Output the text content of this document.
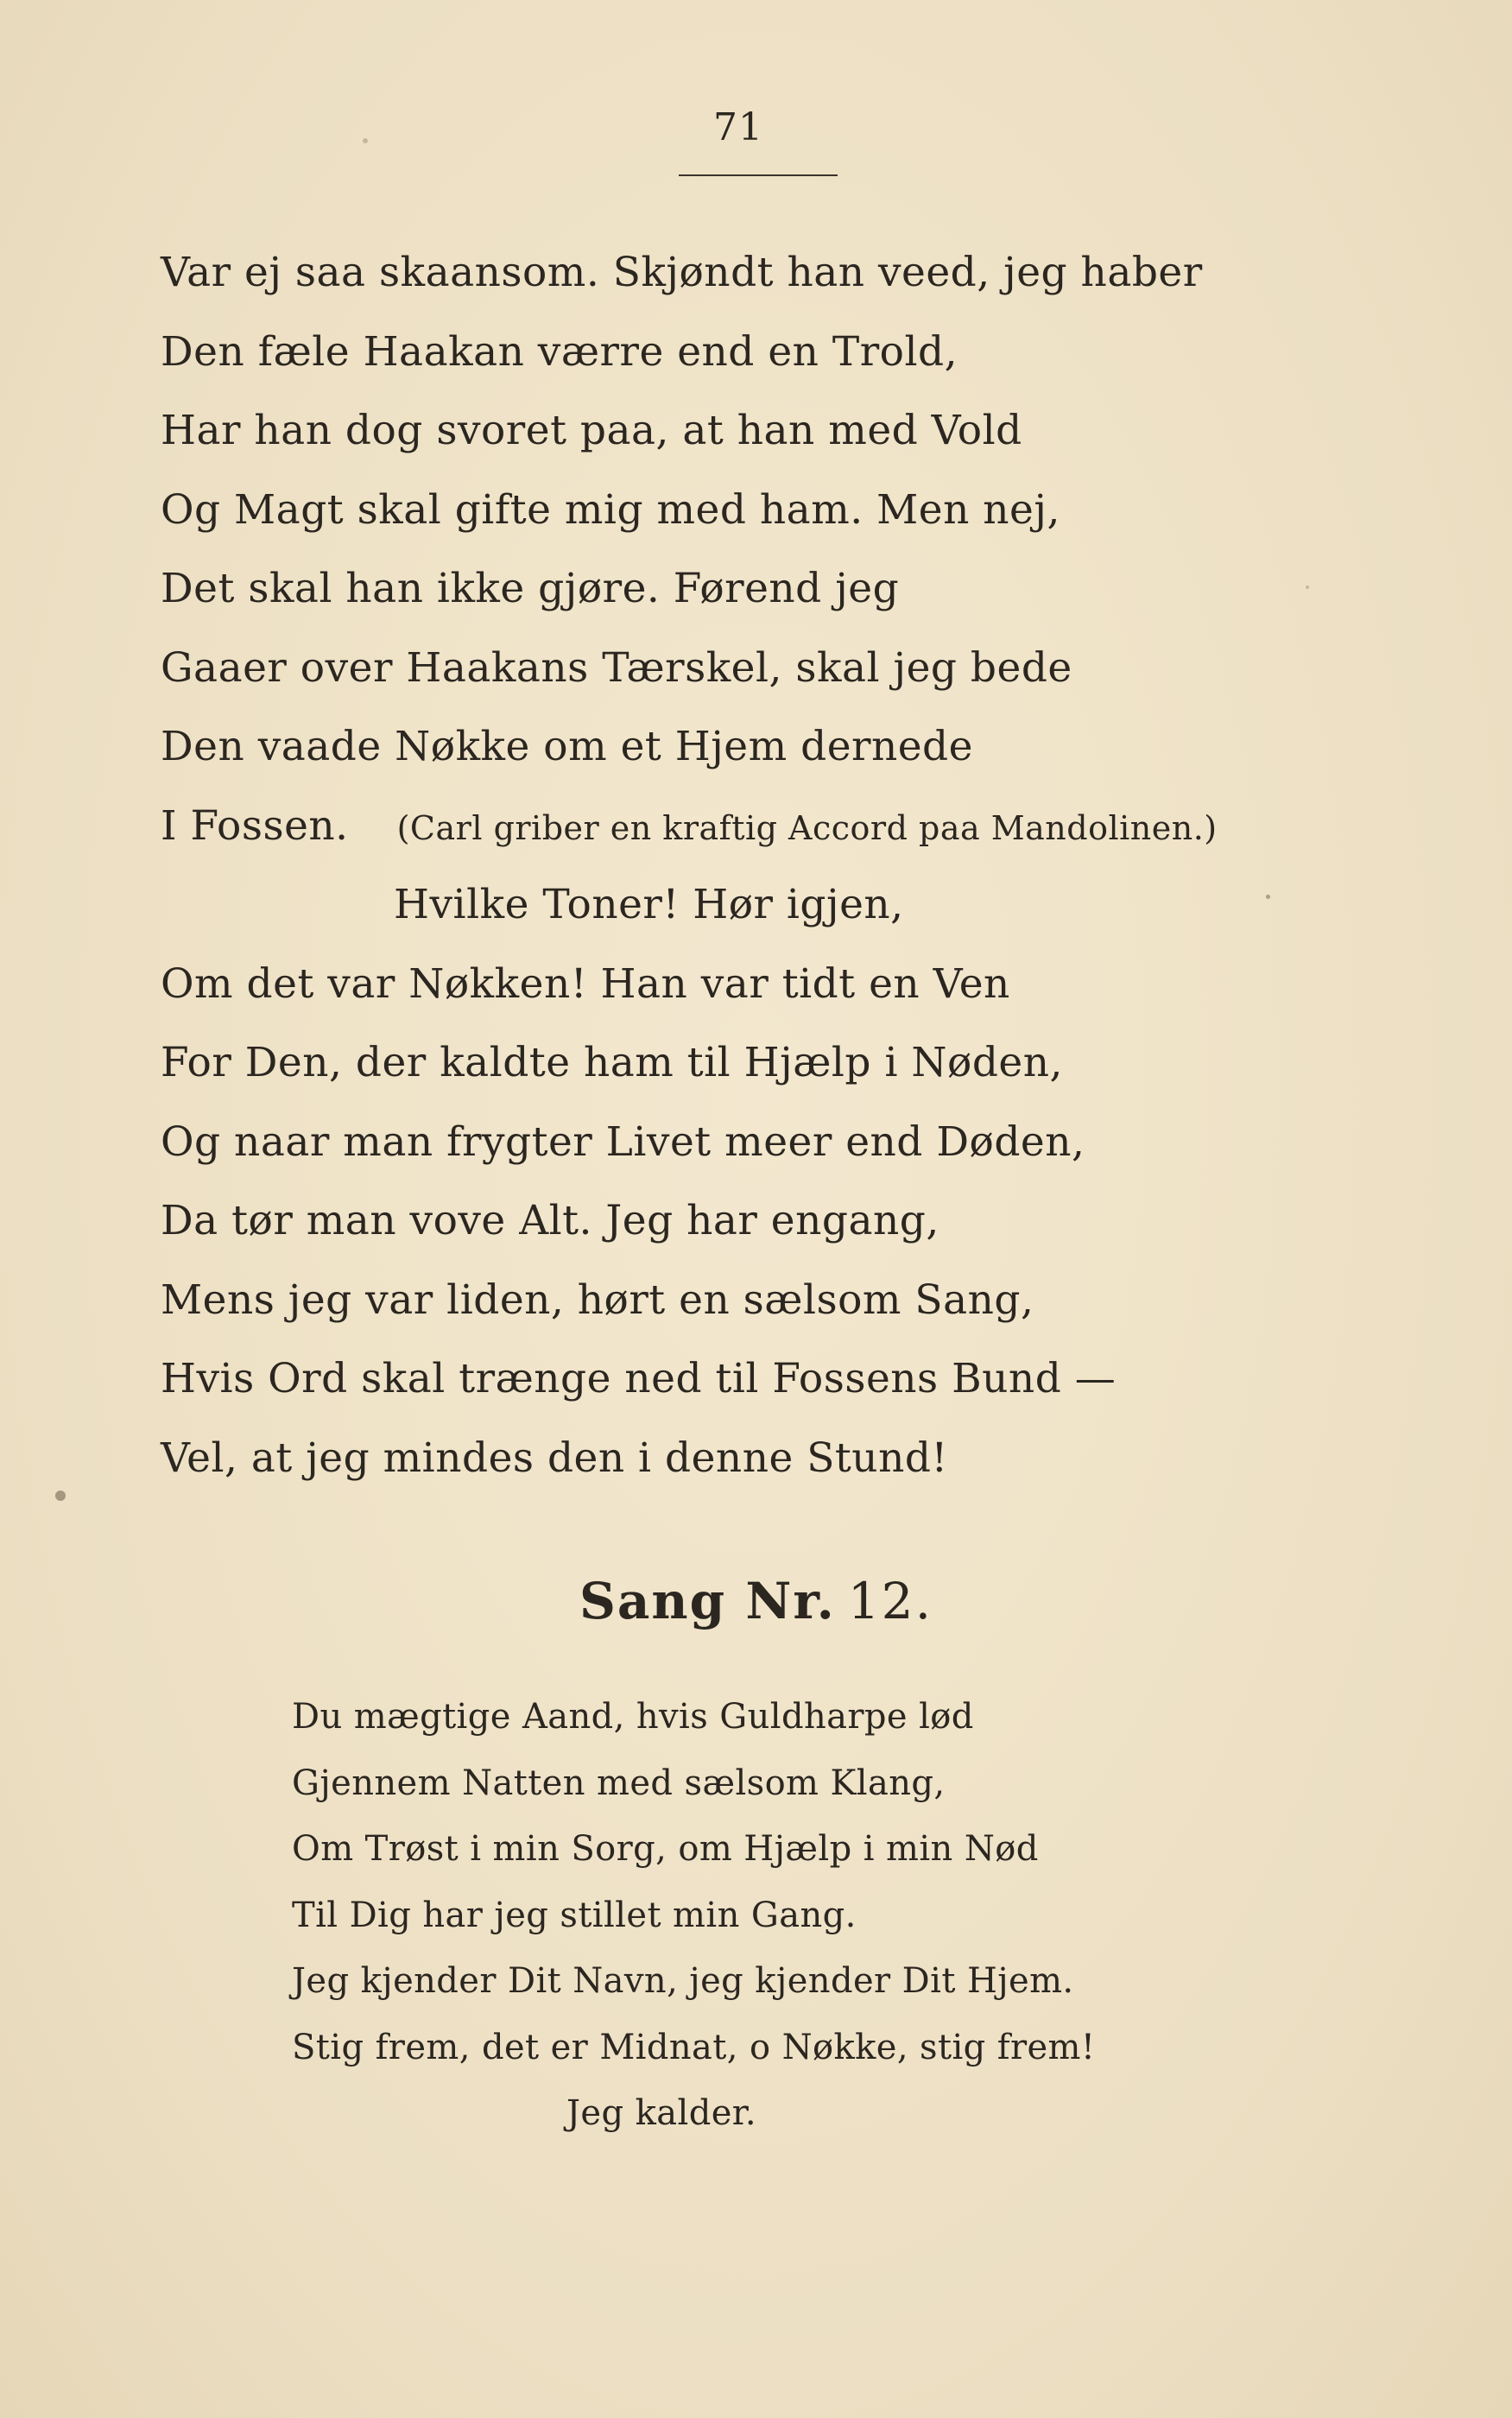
71
Var ej saa skaansom. Skjøndt han veed, jeg haber
Den fæle Haakan værre end en Trold,
Har han dog svoret paa, at han med Vold
Og Magt skal gifte mig med ham. Men nej,
Det skal han ikke gjøre. Førend jeg
Gaaer over Haakans Tærskel, skal jeg bede
Den vaade Nøkke om et Hjem dernede
I Fossen. (Carl griber en kraftig Accord paa Mandolinen.)
Hvilke Toner! Hør igjen,
Om det var Nøkken! Han var tidt en Ven
For Den, der kaldte ham til Hjælp i Nøden,
Og naar man frygter Livet meer end Døden,
Da tør man vove Alt. Jeg har engang,
Mens jeg var liden, hørt en sælsom Sang,
Hvis Ord skal trænge ned til Fossens Bund —
Vel, at jeg mindes den i denne Stund!
Sang Nr. 12.
Du mægtige Aand, hvis Guldharpe lød
Gjennem Natten med sælsom Klang,
Om Trøst i min Sorg, om Hjælp i min Nød
Til Dig har jeg stillet min Gang.
Jeg kjender Dit Navn, jeg kjender Dit Hjem.
Stig frem, det er Midnat, o Nøkke, stig frem!
Jeg kalder.
